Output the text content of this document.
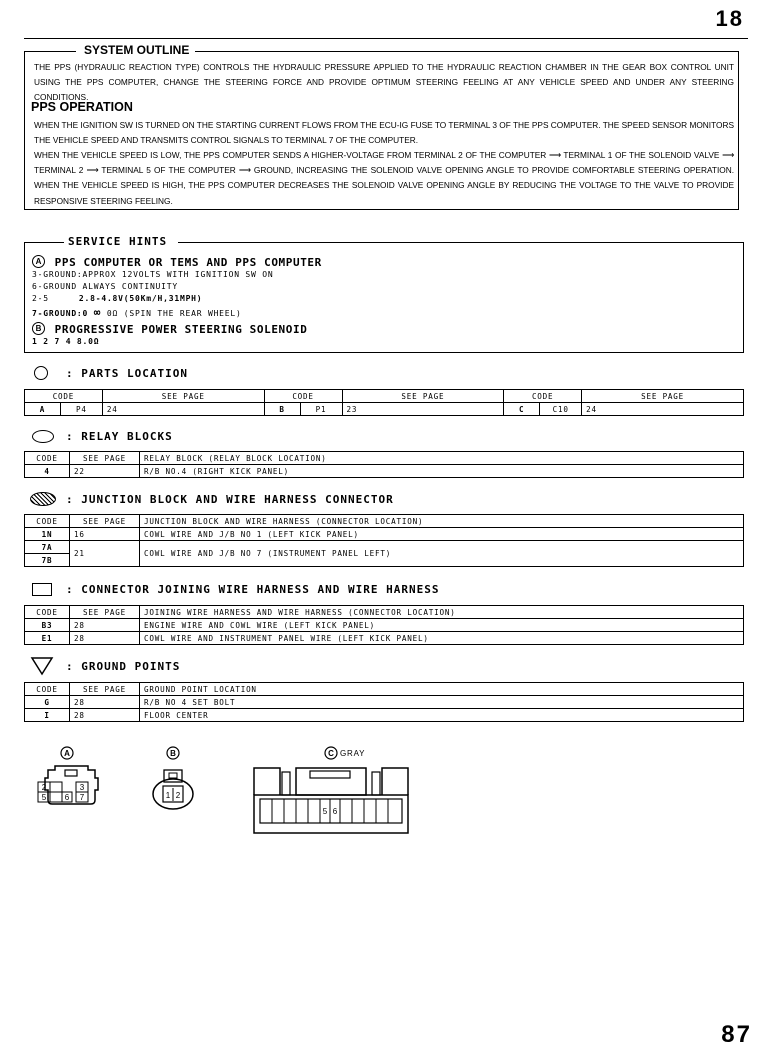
18
SYSTEM OUTLINE
THE PPS (HYDRAULIC REACTION TYPE) CONTROLS THE HYDRAULIC PRESSURE APPLIED TO THE HYDRAULIC REACTION CHAMBER IN THE GEAR BOX CONTROL UNIT USING THE PPS COMPUTER, CHANGE THE STEERING FORCE AND PROVIDE OPTIMUM STEERING FEELING AT ANY VEHICLE SPEED AND UNDER ANY STEERING CONDITIONS.
PPS OPERATION
WHEN THE IGNITION SW IS TURNED ON THE STARTING CURRENT FLOWS FROM THE ECU-IG FUSE TO TERMINAL 3 OF THE PPS COMPUTER. THE SPEED SENSOR MONITORS THE VEHICLE SPEED AND TRANSMITS CONTROL SIGNALS TO TERMINAL 7 OF THE COMPUTER.
WHEN THE VEHICLE SPEED IS LOW, THE PPS COMPUTER SENDS A HIGHER-VOLTAGE FROM TERMINAL 2 OF THE COMPUTER ⟶ TERMINAL 1 OF THE SOLENOID VALVE ⟶ TERMINAL 2 ⟶ TERMINAL 5 OF THE COMPUTER ⟶ GROUND, INCREASING THE SOLENOID VALVE OPENING ANGLE TO PROVIDE COMFORTABLE STEERING OPERATION. WHEN THE VEHICLE SPEED IS HIGH, THE PPS COMPUTER DECREASES THE SOLENOID VALVE OPENING ANGLE BY REDUCING THE VOLTAGE TO THE VALVE TO PROVIDE RESPONSIVE STEERING FEELING.
SERVICE HINTS
A PPS COMPUTER OR TEMS AND PPS COMPUTER
3-GROUND:APPROX 12VOLTS WITH IGNITION SW ON
6-GROUND ALWAYS CONTINUITY
2-5	2.8-4.8V(50Km/H,31MPH)
7-GROUND:0 ∞ 0Ω (SPIN THE REAR WHEEL)
B PROGRESSIVE POWER STEERING SOLENOID
1 2 7 4 8.0Ω
: PARTS LOCATION
CODE		SEE PAGE	CODE		SEE PAGE	CODE		SEE PAGE
A	P4	24	B	P1	23	C	C10	24
: RELAY BLOCKS
CODE	SEE PAGE	RELAY BLOCK (RELAY BLOCK LOCATION)
4	22	R/B NO.4 (RIGHT KICK PANEL)
: JUNCTION BLOCK AND WIRE HARNESS CONNECTOR
CODE	SEE PAGE	JUNCTION BLOCK AND WIRE HARNESS (CONNECTOR LOCATION)
1N	16	COWL WIRE AND J/B NO 1 (LEFT KICK PANEL)
7A	21	COWL WIRE AND J/B NO 7 (INSTRUMENT PANEL LEFT)
7B		
: CONNECTOR JOINING WIRE HARNESS AND WIRE HARNESS
CODE	SEE PAGE	JOINING WIRE HARNESS AND WIRE HARNESS (CONNECTOR LOCATION)
B3	28	ENGINE WIRE AND COWL WIRE (LEFT KICK PANEL)
E1	28	COWL WIRE AND INSTRUMENT PANEL WIRE (LEFT KICK PANEL)
: GROUND POINTS
CODE	SEE PAGE	GROUND POINT LOCATION
G	28	R/B NO 4 SET BOLT
I	28	FLOOR CENTER
A
2	3
5 6 7
B
1 2
C GRAY
5 6
87
